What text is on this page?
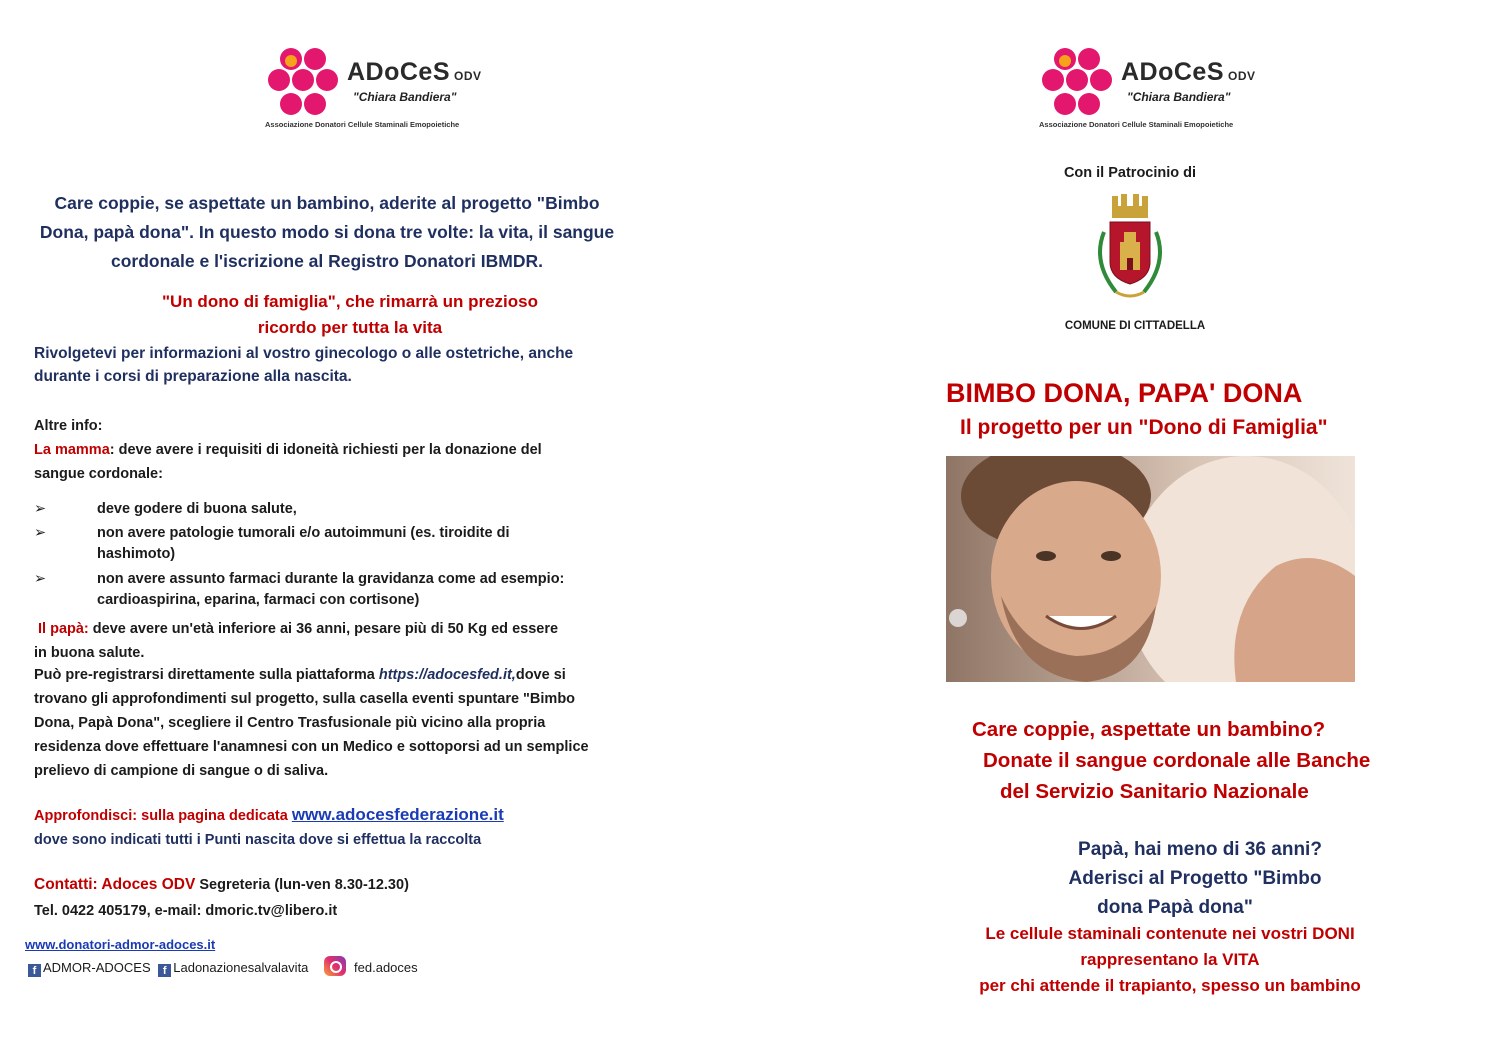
ADoCeS ODV
"Chiara Bandiera"
Associazione Donatori Cellule Staminali Emopoietiche
Care coppie, se aspettate un bambino, aderite al progetto "Bimbo Dona, papà dona". In questo modo si dona tre volte: la vita, il sangue cordonale e l'iscrizione al Registro Donatori IBMDR.
"Un dono di famiglia", che rimarrà un prezioso
ricordo per tutta la vita
Rivolgetevi per informazioni al vostro ginecologo o alle ostetriche, anche durante i corsi di preparazione alla nascita.
Altre info:
La mamma: deve avere i requisiti di idoneità richiesti per la donazione del sangue cordonale:
➢	deve godere di buona salute,
➢	non avere patologie tumorali e/o autoimmuni (es. tiroidite di hashimoto)
➢	non avere assunto farmaci durante la gravidanza come ad esempio: cardioaspirina, eparina, farmaci con cortisone)
Il papà: deve avere un'età inferiore ai 36 anni, pesare più di 50 Kg ed essere in buona salute.
Può pre-registrarsi direttamente sulla piattaforma https://adocesfed.it,dove si trovano gli approfondimenti sul progetto, sulla casella eventi spuntare "Bimbo Dona, Papà Dona", scegliere il Centro Trasfusionale più vicino alla propria residenza dove effettuare l'anamnesi con un Medico e sottoporsi ad un semplice prelievo di campione di sangue o di saliva.
Approfondisci: sulla pagina dedicata www.adocesfederazione.it
dove sono indicati tutti i Punti nascita dove si effettua la raccolta
Contatti: Adoces ODV Segreteria (lun-ven 8.30-12.30)
Tel. 0422 405179, e-mail: dmoric.tv@libero.it
www.donatori-admor-adoces.it
f ADMOR-ADOCES f Ladonazionesalvalavita	fed.adoces
ADoCeS ODV
"Chiara Bandiera"
Associazione Donatori Cellule Staminali Emopoietiche
Con il Patrocinio di
COMUNE DI CITTADELLA
BIMBO DONA, PAPA' DONA
Il progetto per un "Dono di Famiglia"
Care coppie, aspettate un bambino?
Donate il sangue cordonale alle Banche
del Servizio Sanitario Nazionale
Papà, hai meno di 36 anni?
Aderisci al Progetto "Bimbo
dona Papà dona"
Le cellule staminali contenute nei vostri DONI
rappresentano la VITA
per chi attende il trapianto, spesso un bambino
